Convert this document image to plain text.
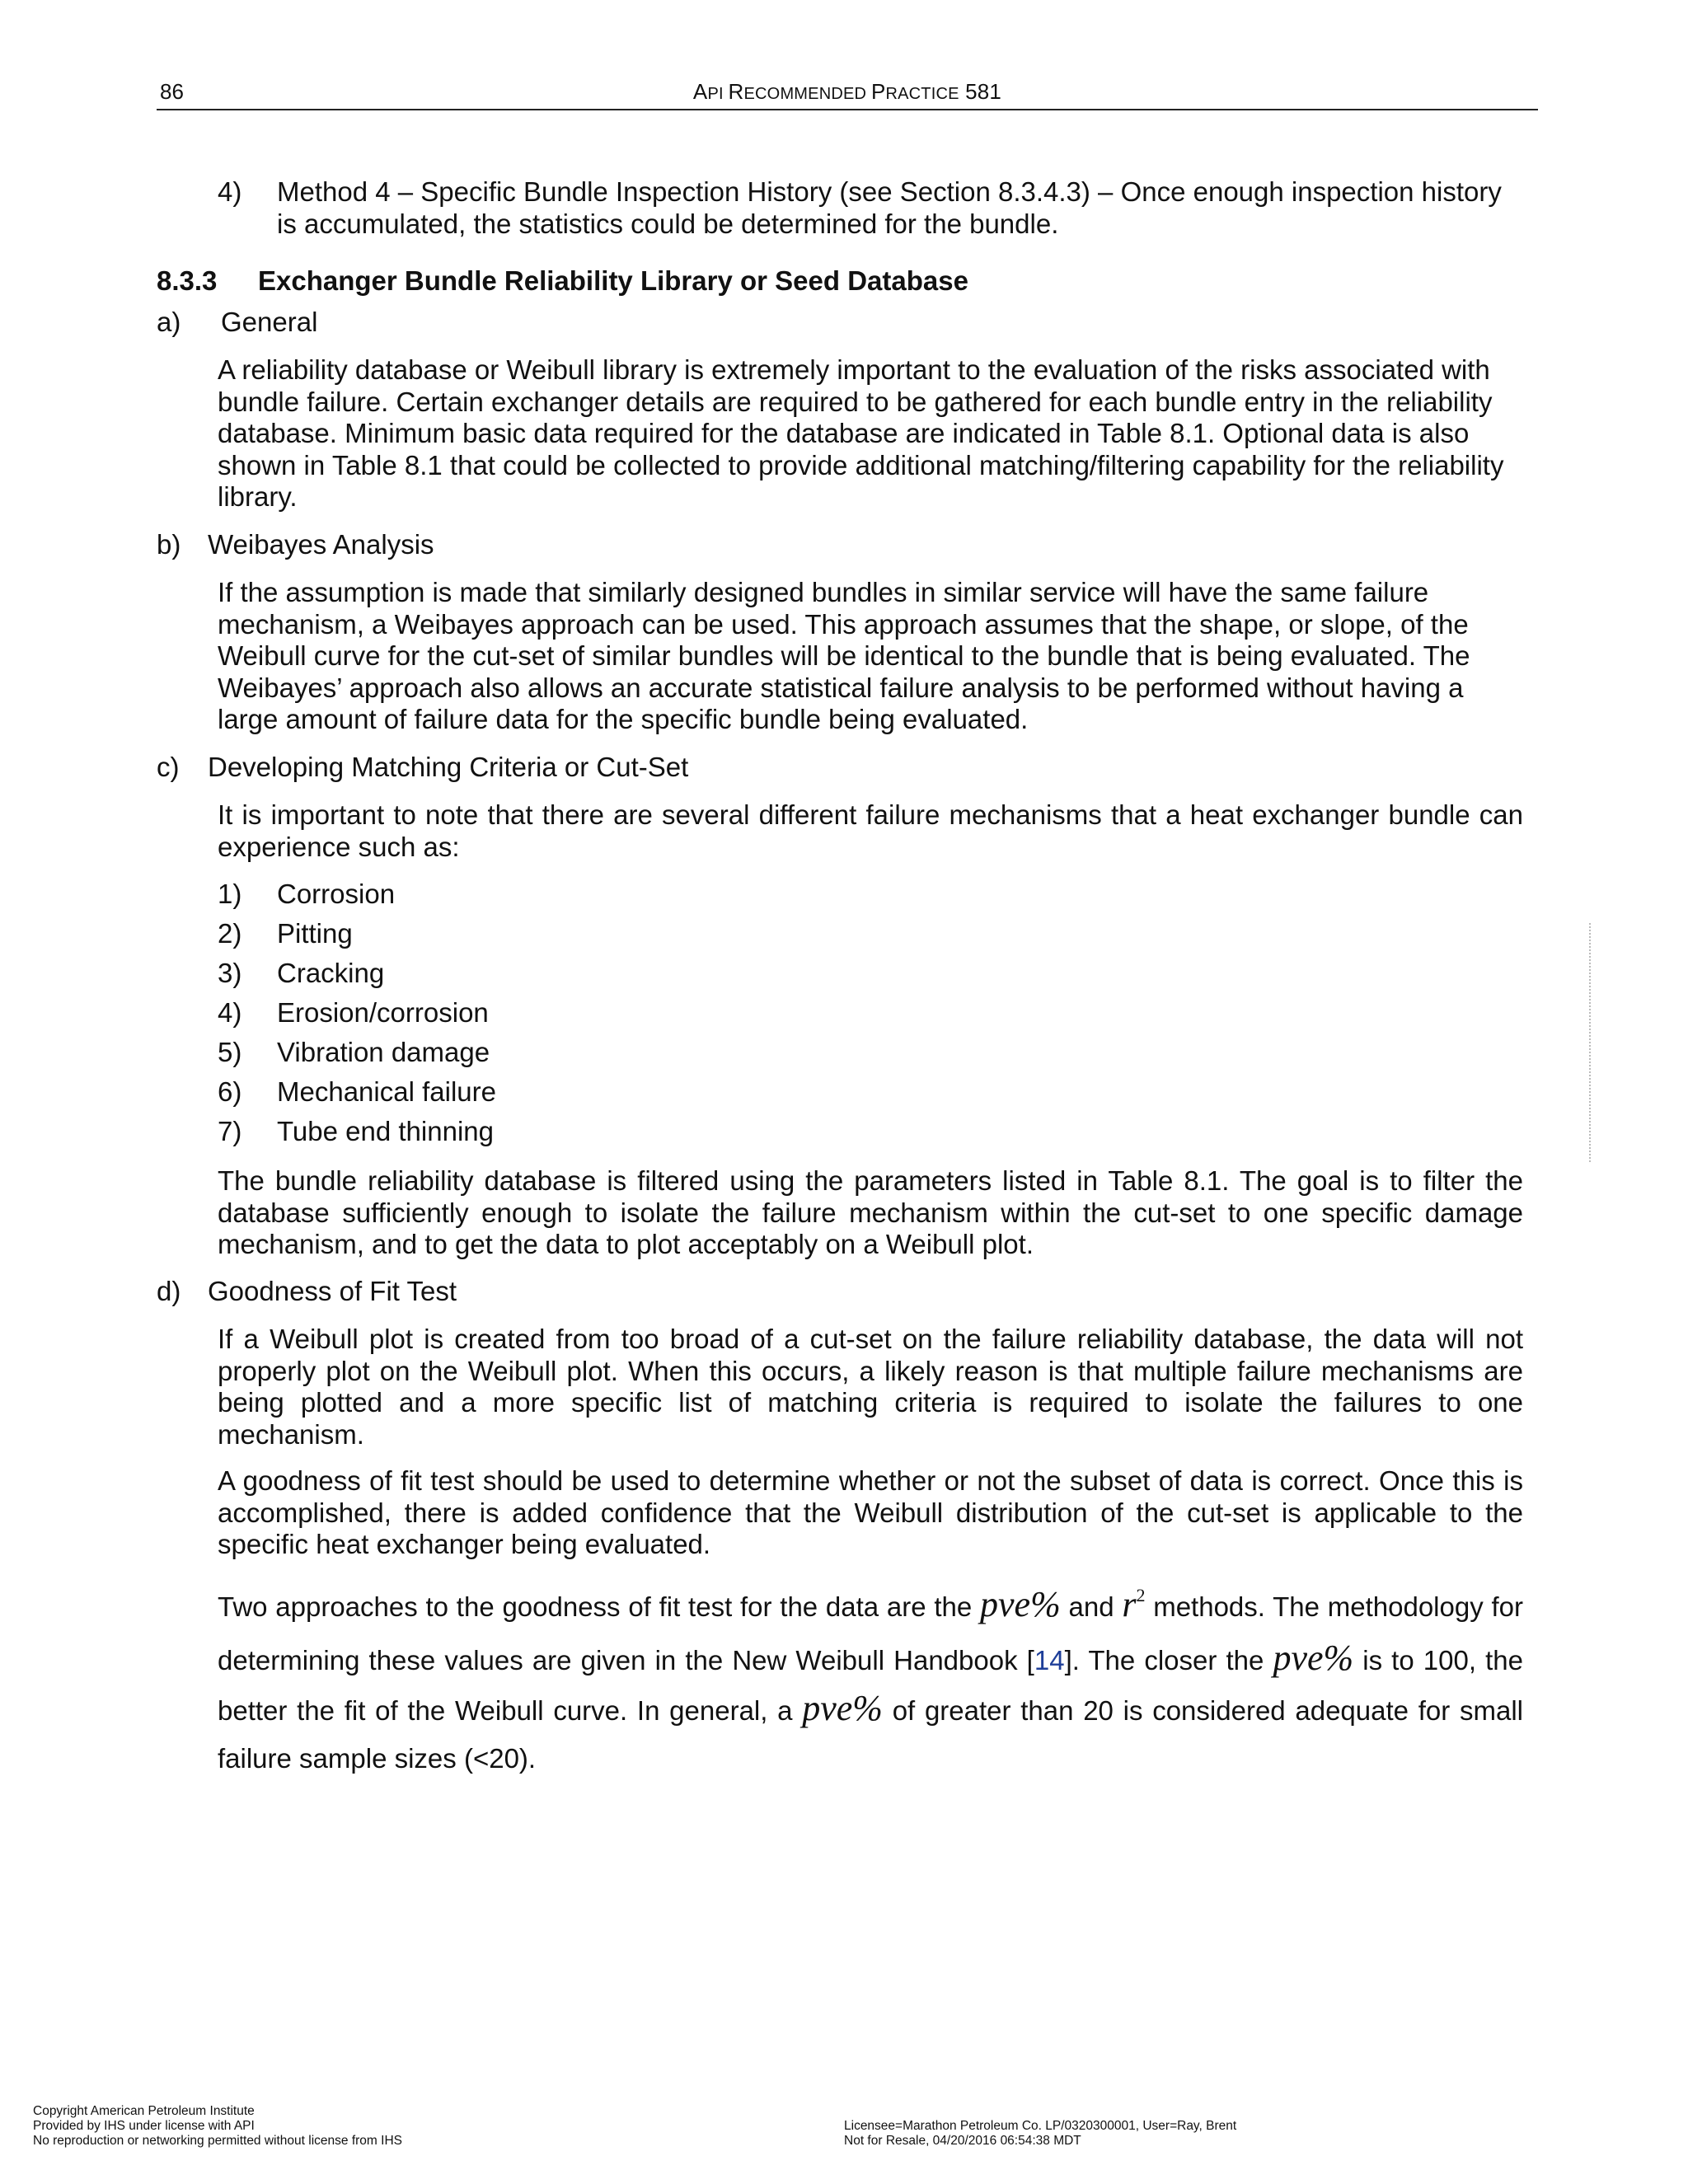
86	API RECOMMENDED PRACTICE 581
4) Method 4 – Specific Bundle Inspection History (see Section 8.3.4.3) – Once enough inspection history
is accumulated, the statistics could be determined for the bundle.
8.3.3 Exchanger Bundle Reliability Library or Seed Database
a) General
A reliability database or Weibull library is extremely important to the evaluation of the risks associated with bundle failure. Certain exchanger details are required to be gathered for each bundle entry in the reliability database. Minimum basic data required for the database are indicated in Table 8.1. Optional data is also shown in Table 8.1 that could be collected to provide additional matching/filtering capability for the reliability library.
b) Weibayes Analysis
If the assumption is made that similarly designed bundles in similar service will have the same failure mechanism, a Weibayes approach can be used. This approach assumes that the shape, or slope, of the Weibull curve for the cut-set of similar bundles will be identical to the bundle that is being evaluated. The Weibayes’ approach also allows an accurate statistical failure analysis to be performed without having a large amount of failure data for the specific bundle being evaluated.
c) Developing Matching Criteria or Cut-Set
It is important to note that there are several different failure mechanisms that a heat exchanger bundle can experience such as:
1) Corrosion
2) Pitting
3) Cracking
4) Erosion/corrosion
5) Vibration damage
6) Mechanical failure
7) Tube end thinning
The bundle reliability database is filtered using the parameters listed in Table 8.1. The goal is to filter the database sufficiently enough to isolate the failure mechanism within the cut-set to one specific damage mechanism, and to get the data to plot acceptably on a Weibull plot.
d) Goodness of Fit Test
If a Weibull plot is created from too broad of a cut-set on the failure reliability database, the data will not properly plot on the Weibull plot. When this occurs, a likely reason is that multiple failure mechanisms are being plotted and a more specific list of matching criteria is required to isolate the failures to one mechanism.
A goodness of fit test should be used to determine whether or not the subset of data is correct. Once this is accomplished, there is added confidence that the Weibull distribution of the cut-set is applicable to the specific heat exchanger being evaluated.
Two approaches to the goodness of fit test for the data are the pve% and $r^2$ methods. The methodology for determining these values are given in the New Weibull Handbook [14]. The closer the pve% is to 100, the better the fit of the Weibull curve. In general, a pve% of greater than 20 is considered adequate for small failure sample sizes (<20).
Copyright American Petroleum Institute
Provided by IHS under license with API
No reproduction or networking permitted without license from IHS
Licensee=Marathon Petroleum Co. LP/0320300001, User=Ray, Brent
Not for Resale, 04/20/2016 06:54:38 MDT
